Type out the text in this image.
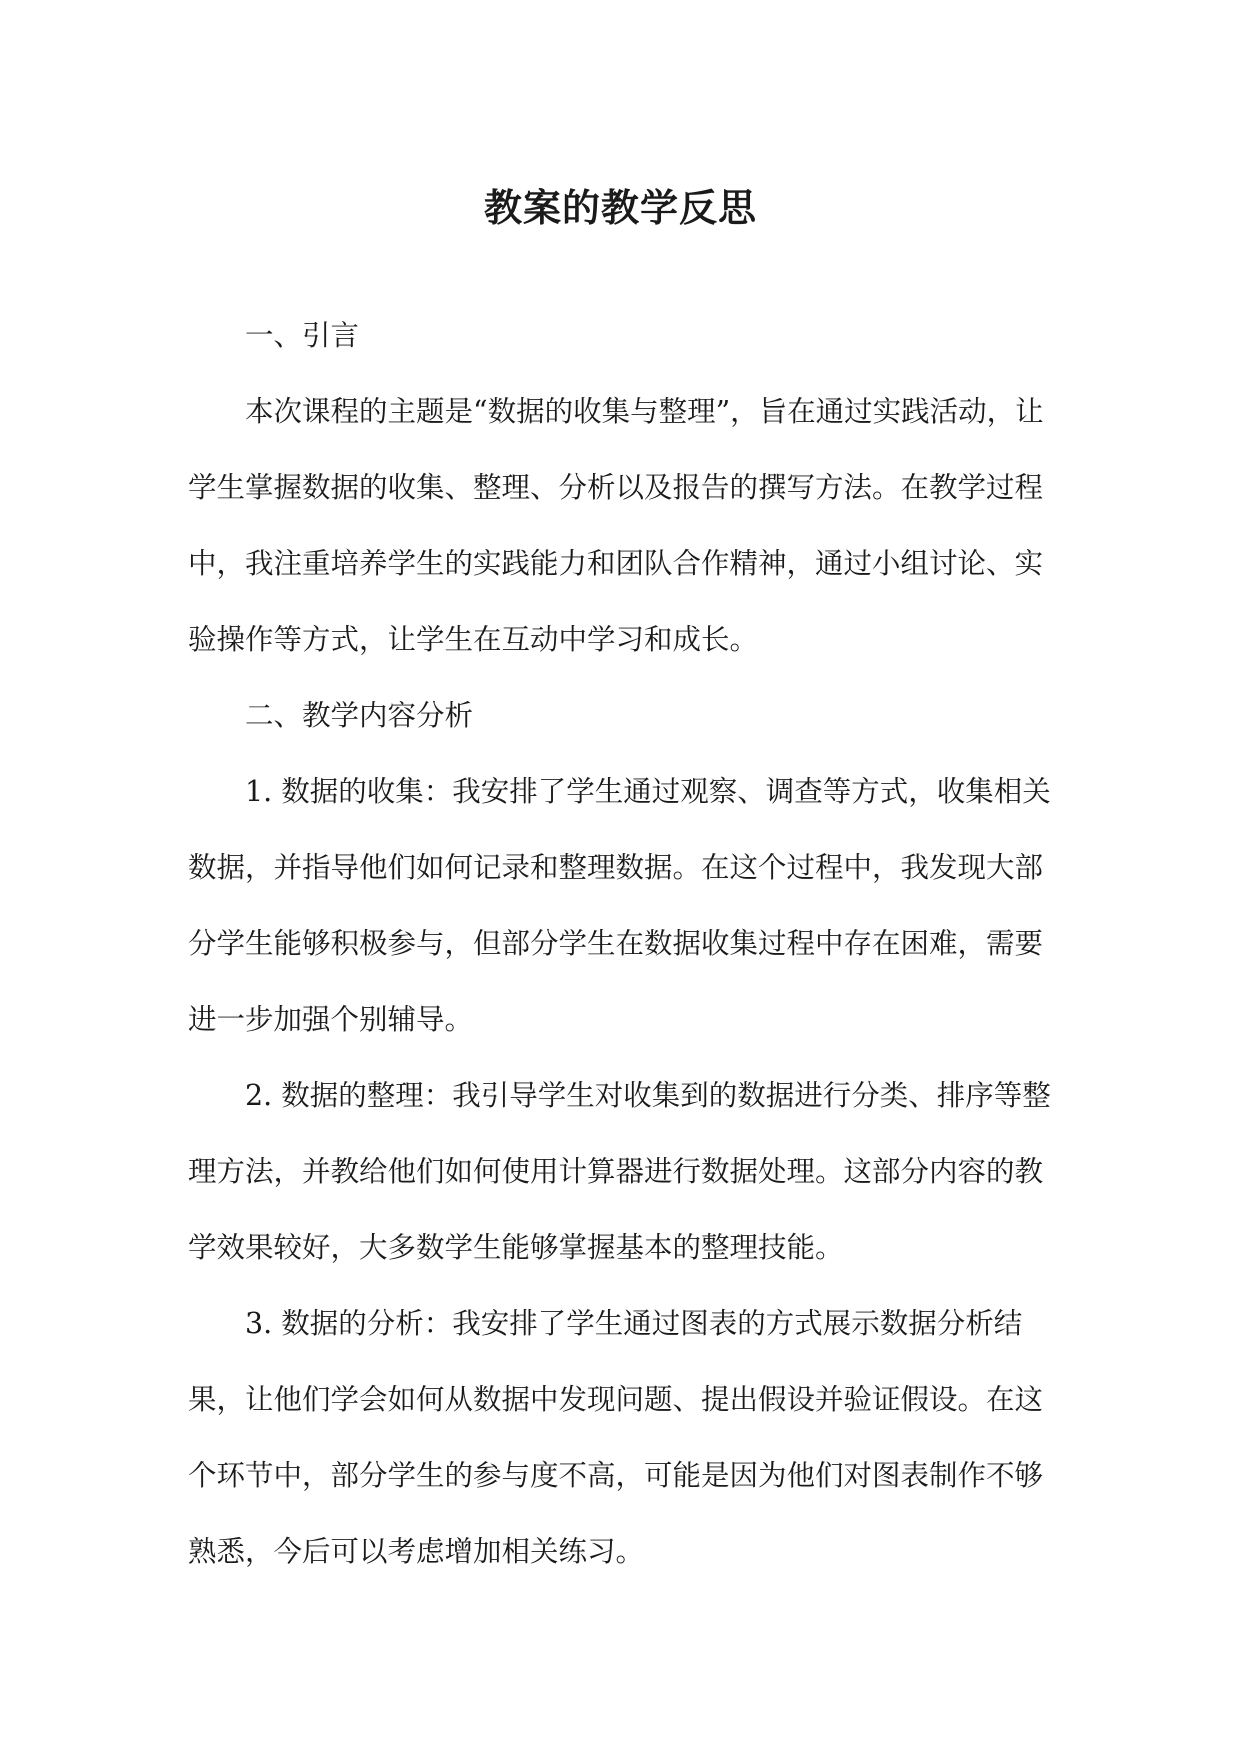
教案的教学反思

一、引言

本次课程的主题是“数据的收集与整理”，旨在通过实践活动，让学生掌握数据的收集、整理、分析以及报告的撰写方法。在教学过程中，我注重培养学生的实践能力和团队合作精神，通过小组讨论、实验操作等方式，让学生在互动中学习和成长。

二、教学内容分析

1. 数据的收集：我安排了学生通过观察、调查等方式，收集相关数据，并指导他们如何记录和整理数据。在这个过程中，我发现大部分学生能够积极参与，但部分学生在数据收集过程中存在困难，需要进一步加强个别辅导。

2. 数据的整理：我引导学生对收集到的数据进行分类、排序等整理方法，并教给他们如何使用计算器进行数据处理。这部分内容的教学效果较好，大多数学生能够掌握基本的整理技能。

3. 数据的分析：我安排了学生通过图表的方式展示数据分析结果，让他们学会如何从数据中发现问题、提出假设并验证假设。在这个环节中，部分学生的参与度不高，可能是因为他们对图表制作不够熟悉，今后可以考虑增加相关练习。
